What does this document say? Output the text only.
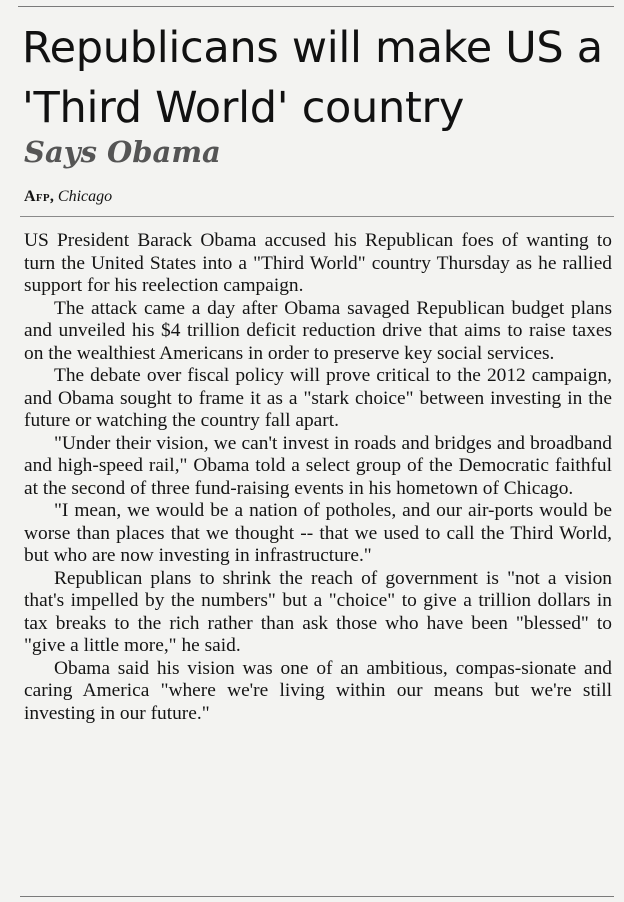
Republicans will make US a 'Third World' country
Says Obama
Afp, Chicago

US President Barack Obama accused his Republican foes of wanting to turn the United States into a "Third World" country Thursday as he rallied support for his reelection campaign.

The attack came a day after Obama savaged Republican budget plans and unveiled his $4 trillion deficit reduction drive that aims to raise taxes on the wealthiest Americans in order to preserve key social services.

The debate over fiscal policy will prove critical to the 2012 campaign, and Obama sought to frame it as a "stark choice" between investing in the future or watching the country fall apart.

"Under their vision, we can't invest in roads and bridges and broadband and high-speed rail," Obama told a select group of the Democratic faithful at the second of three fund-raising events in his hometown of Chicago.

"I mean, we would be a nation of potholes, and our air-ports would be worse than places that we thought -- that we used to call the Third World, but who are now investing in infrastructure."

Republican plans to shrink the reach of government is "not a vision that's impelled by the numbers" but a "choice" to give a trillion dollars in tax breaks to the rich rather than ask those who have been "blessed" to "give a little more," he said.

Obama said his vision was one of an ambitious, compas-sionate and caring America "where we're living within our means but we're still investing in our future."
